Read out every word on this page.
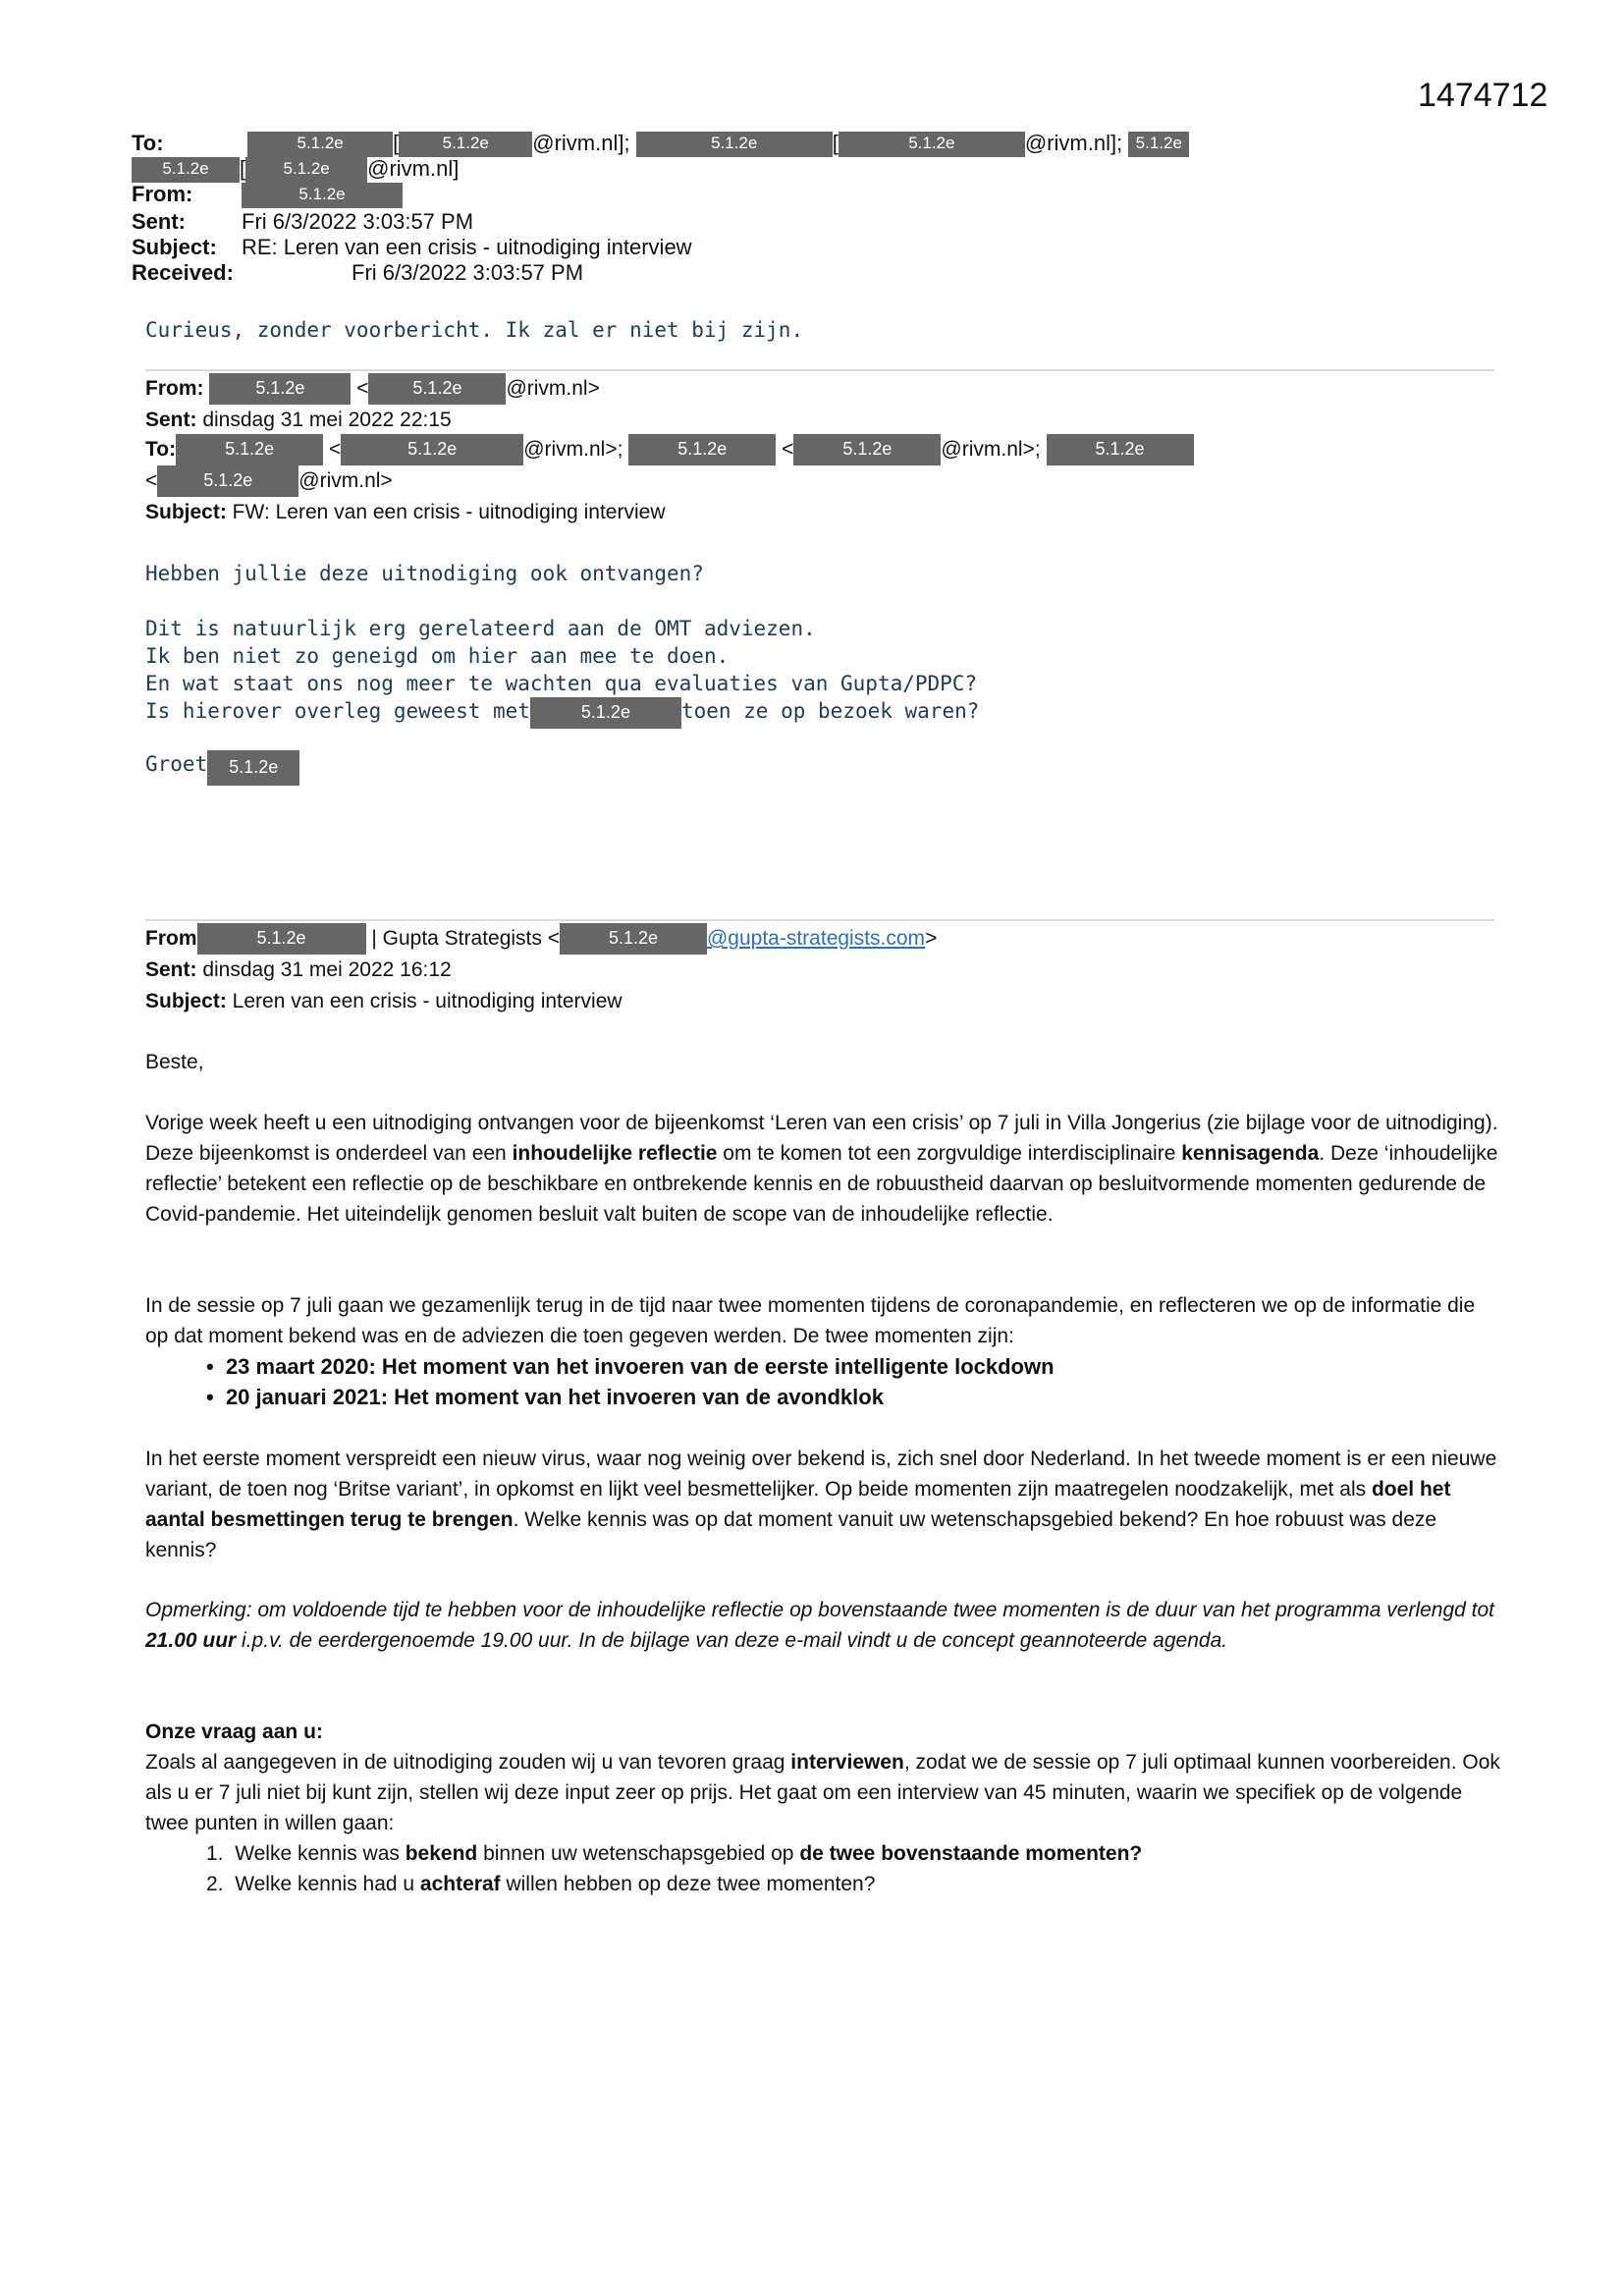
1474712
To:	5.1.2e [	5.1.2e @rivm.nl];	5.1.2e	[	5.1.2e	@rivm.nl]; 5.1.2e
5.1.2e [ 5.1.2e @rivm.nl]
From:	5.1.2e
Sent:	Fri 6/3/2022 3:03:57 PM
Subject: RE: Leren van een crisis - uitnodiging interview
Received:	Fri 6/3/2022 3:03:57 PM
Curieus, zonder voorbericht. Ik zal er niet bij zijn.
From:	5.1.2e	< 5.1.2e @rivm.nl>
Sent: dinsdag 31 mei 2022 22:15
To:	5.1.2e	<	5.1.2e	@rivm.nl>;	5.1.2e	<	5.1.2e @rivm.nl>;	5.1.2e
<	5.1.2e @rivm.nl>
Subject: FW: Leren van een crisis - uitnodiging interview
Hebben jullie deze uitnodiging ook ontvangen?
Dit is natuurlijk erg gerelateerd aan de OMT adviezen.
Ik ben niet zo geneigd om hier aan mee te doen.
En wat staat ons nog meer te wachten qua evaluaties van Gupta/PDPC?
Is hierover overleg geweest met	5.1.2e toen ze op bezoek waren?
Groet 5.1.2e
From	5.1.2e	| Gupta Strategists <	5.1.2e @gupta-strategists.com>
Sent: dinsdag 31 mei 2022 16:12
Subject: Leren van een crisis - uitnodiging interview
Beste,

Vorige week heeft u een uitnodiging ontvangen voor de bijeenkomst ‘Leren van een crisis’ op 7 juli in Villa Jongerius (zie bijlage voor de uitnodiging). Deze bijeenkomst is onderdeel van een inhoudelijke reflectie om te komen tot een zorgvuldige interdisciplinaire kennisagenda. Deze ‘inhoudelijke reflectie’ betekent een reflectie op de beschikbare en ontbrekende kennis en de robuustheid daarvan op besluitvormende momenten gedurende de Covid-pandemie. Het uiteindelijk genomen besluit valt buiten de scope van de inhoudelijke reflectie.

In de sessie op 7 juli gaan we gezamenlijk terug in de tijd naar twee momenten tijdens de coronapandemie, en reflecteren we op de informatie die op dat moment bekend was en de adviezen die toen gegeven werden. De twee momenten zijn:
•  23 maart 2020: Het moment van het invoeren van de eerste intelligente lockdown
•  20 januari 2021: Het moment van het invoeren van de avondklok

In het eerste moment verspreidt een nieuw virus, waar nog weinig over bekend is, zich snel door Nederland. In het tweede moment is er een nieuwe variant, de toen nog ‘Britse variant’, in opkomst en lijkt veel besmettelijker. Op beide momenten zijn maatregelen noodzakelijk, met als doel het aantal besmettingen terug te brengen. Welke kennis was op dat moment vanuit uw wetenschapsgebied bekend? En hoe robuust was deze kennis?

Opmerking: om voldoende tijd te hebben voor de inhoudelijke reflectie op bovenstaande twee momenten is de duur van het programma verlengd tot 21.00 uur i.p.v. de eerdergenoemde 19.00 uur. In de bijlage van deze e-mail vindt u de concept geannoteerde agenda.

Onze vraag aan u:

Zoals al aangegeven in de uitnodiging zouden wij u van tevoren graag interviewen, zodat we de sessie op 7 juli optimaal kunnen voorbereiden. Ook als u er 7 juli niet bij kunt zijn, stellen wij deze input zeer op prijs. Het gaat om een interview van 45 minuten, waarin we specifiek op de volgende twee punten in willen gaan:

1. Welke kennis was bekend binnen uw wetenschapsgebied op de twee bovenstaande momenten?
2. Welke kennis had u achteraf willen hebben op deze twee momenten?
